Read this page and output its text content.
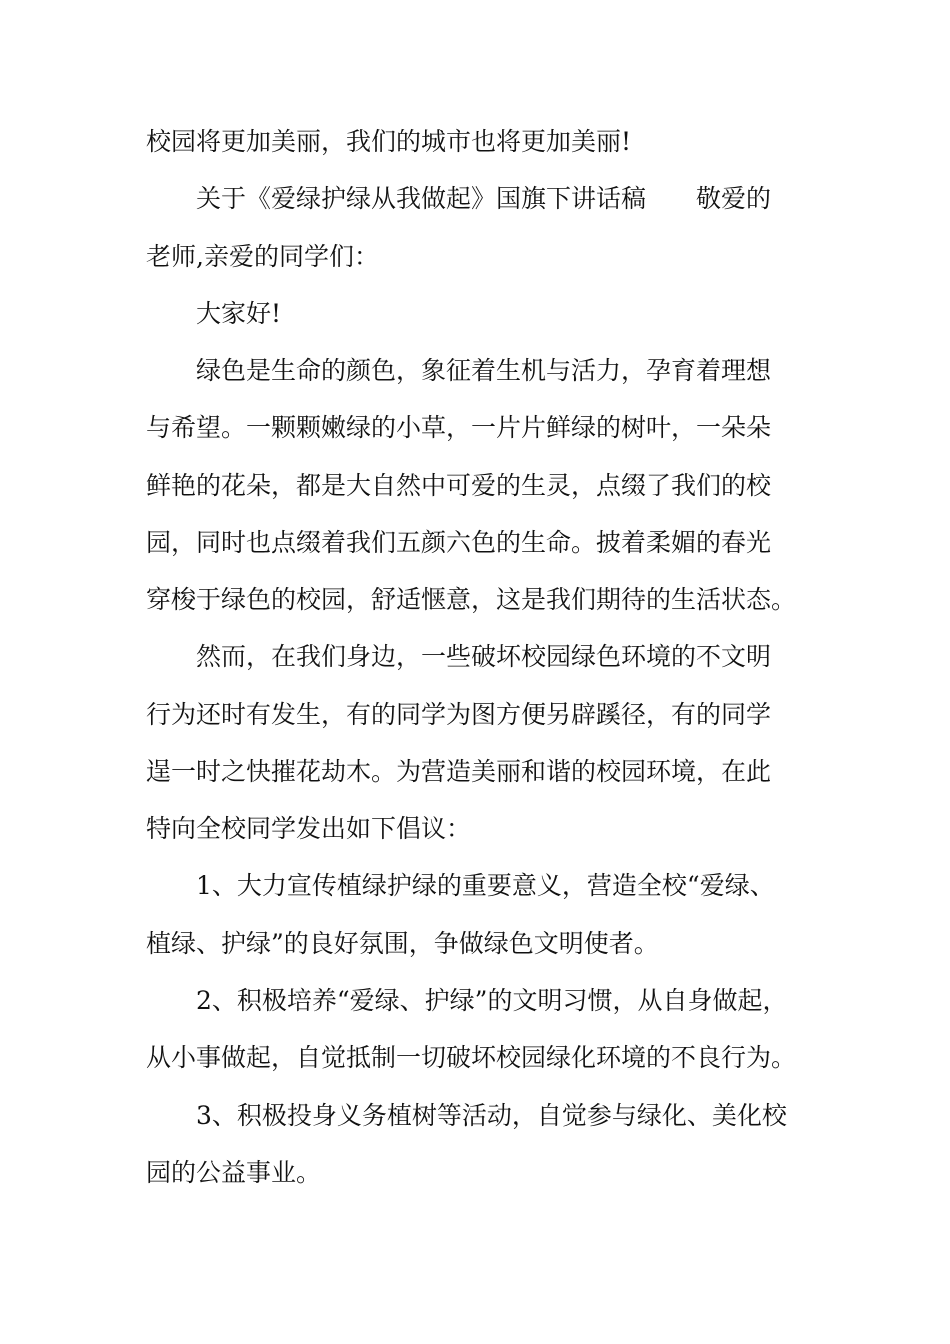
校园将更加美丽，我们的城市也将更加美丽!
关于《爱绿护绿从我做起》国旗下讲话稿　　敬爱的
老师,亲爱的同学们：
大家好!
绿色是生命的颜色，象征着生机与活力，孕育着理想
与希望。一颗颗嫩绿的小草，一片片鲜绿的树叶，一朵朵
鲜艳的花朵，都是大自然中可爱的生灵，点缀了我们的校
园，同时也点缀着我们五颜六色的生命。披着柔媚的春光
穿梭于绿色的校园，舒适惬意，这是我们期待的生活状态。
然而，在我们身边，一些破坏校园绿色环境的不文明
行为还时有发生，有的同学为图方便另辟蹊径，有的同学
逞一时之快摧花劫木。为营造美丽和谐的校园环境，在此
特向全校同学发出如下倡议：
1、大力宣传植绿护绿的重要意义，营造全校“爱绿、
植绿、护绿”的良好氛围，争做绿色文明使者。
2、积极培养“爱绿、护绿”的文明习惯，从自身做起，
从小事做起，自觉抵制一切破坏校园绿化环境的不良行为。
3、积极投身义务植树等活动，自觉参与绿化、美化校
园的公益事业。
